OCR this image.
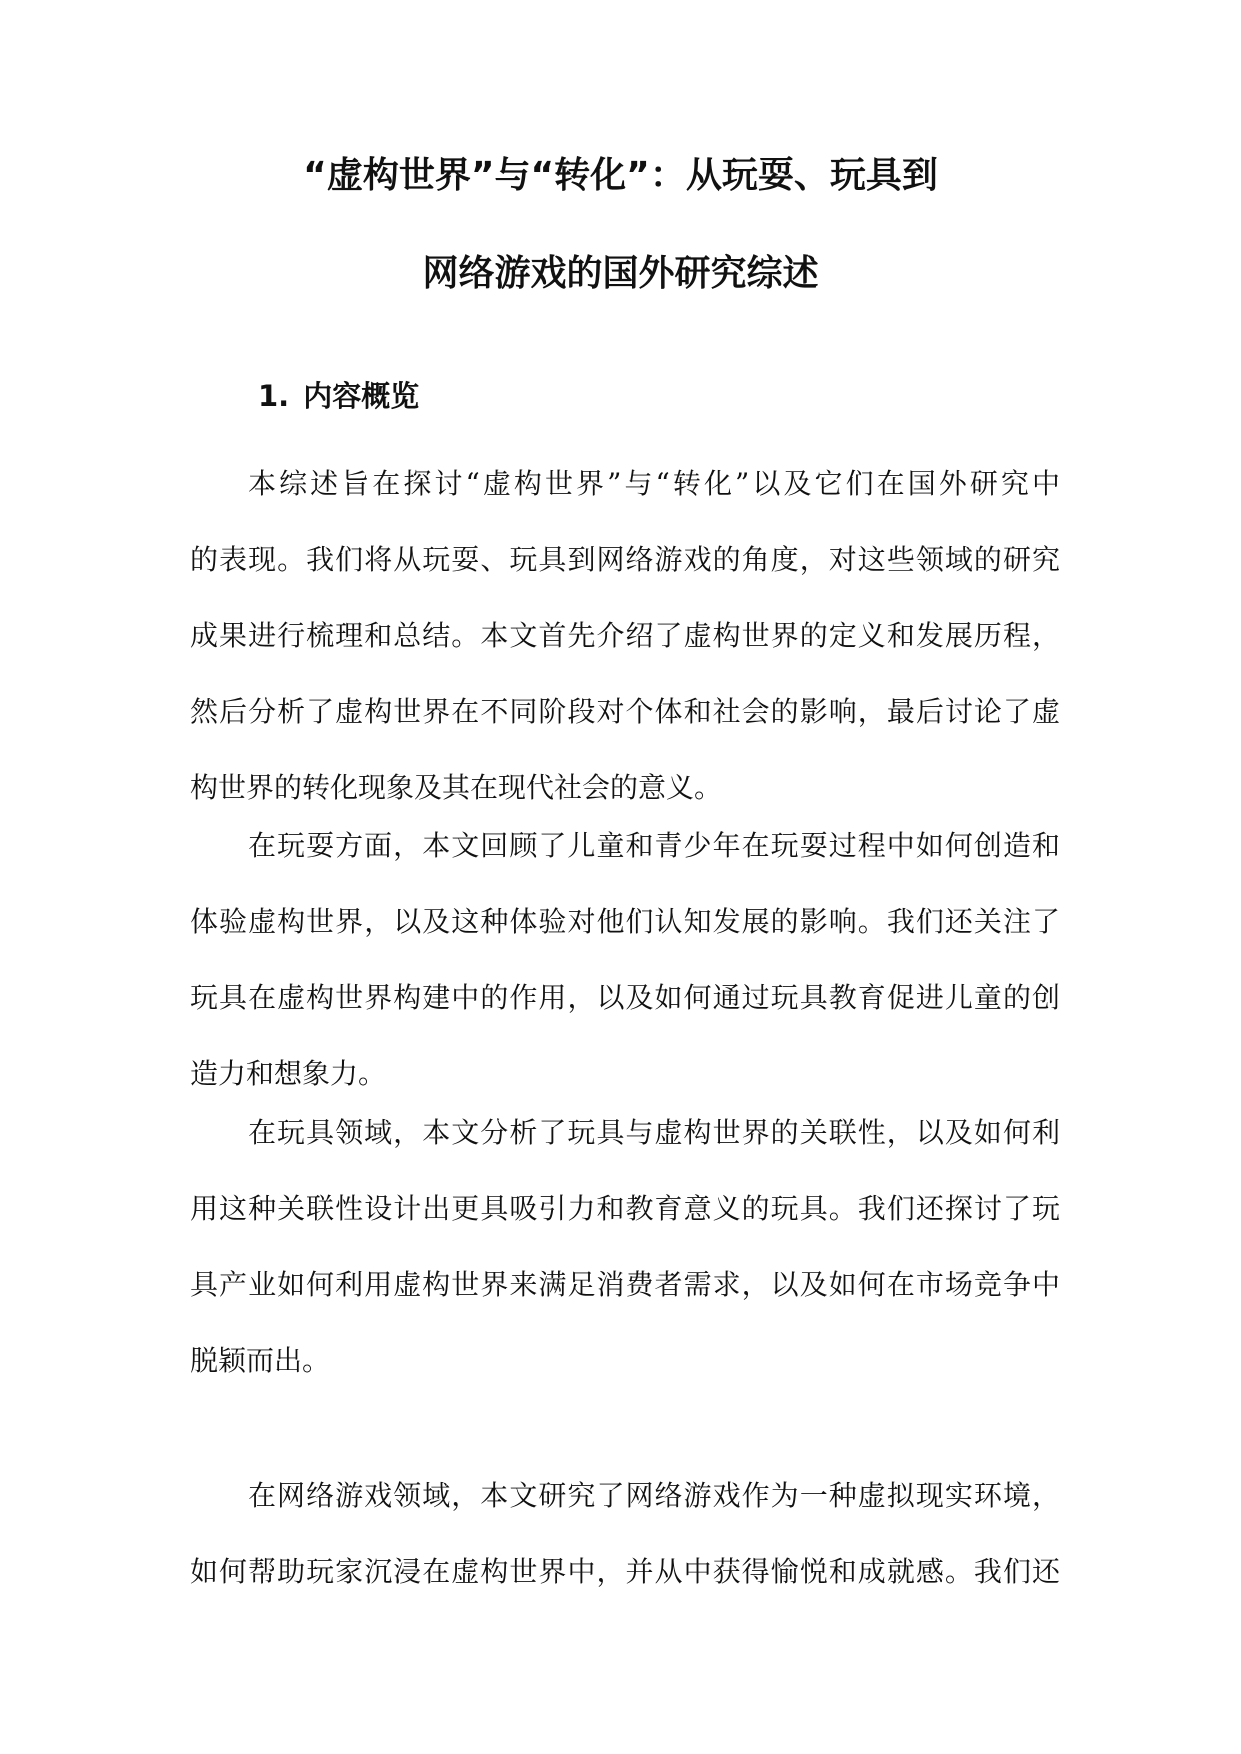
“虚构世界”与“转化”：从玩耍、玩具到
网络游戏的国外研究综述
1. 内容概览
本综述旨在探讨“虚构世界”与“转化”以及它们在国外研究中
的表现。我们将从玩耍、玩具到网络游戏的角度，对这些领域的研究
成果进行梳理和总结。本文首先介绍了虚构世界的定义和发展历程，
然后分析了虚构世界在不同阶段对个体和社会的影响，最后讨论了虚
构世界的转化现象及其在现代社会的意义。
在玩耍方面，本文回顾了儿童和青少年在玩耍过程中如何创造和
体验虚构世界，以及这种体验对他们认知发展的影响。我们还关注了
玩具在虚构世界构建中的作用，以及如何通过玩具教育促进儿童的创
造力和想象力。
在玩具领域，本文分析了玩具与虚构世界的关联性，以及如何利
用这种关联性设计出更具吸引力和教育意义的玩具。我们还探讨了玩
具产业如何利用虚构世界来满足消费者需求，以及如何在市场竞争中
脱颖而出。
在网络游戏领域，本文研究了网络游戏作为一种虚拟现实环境，
如何帮助玩家沉浸在虚构世界中，并从中获得愉悦和成就感。我们还
